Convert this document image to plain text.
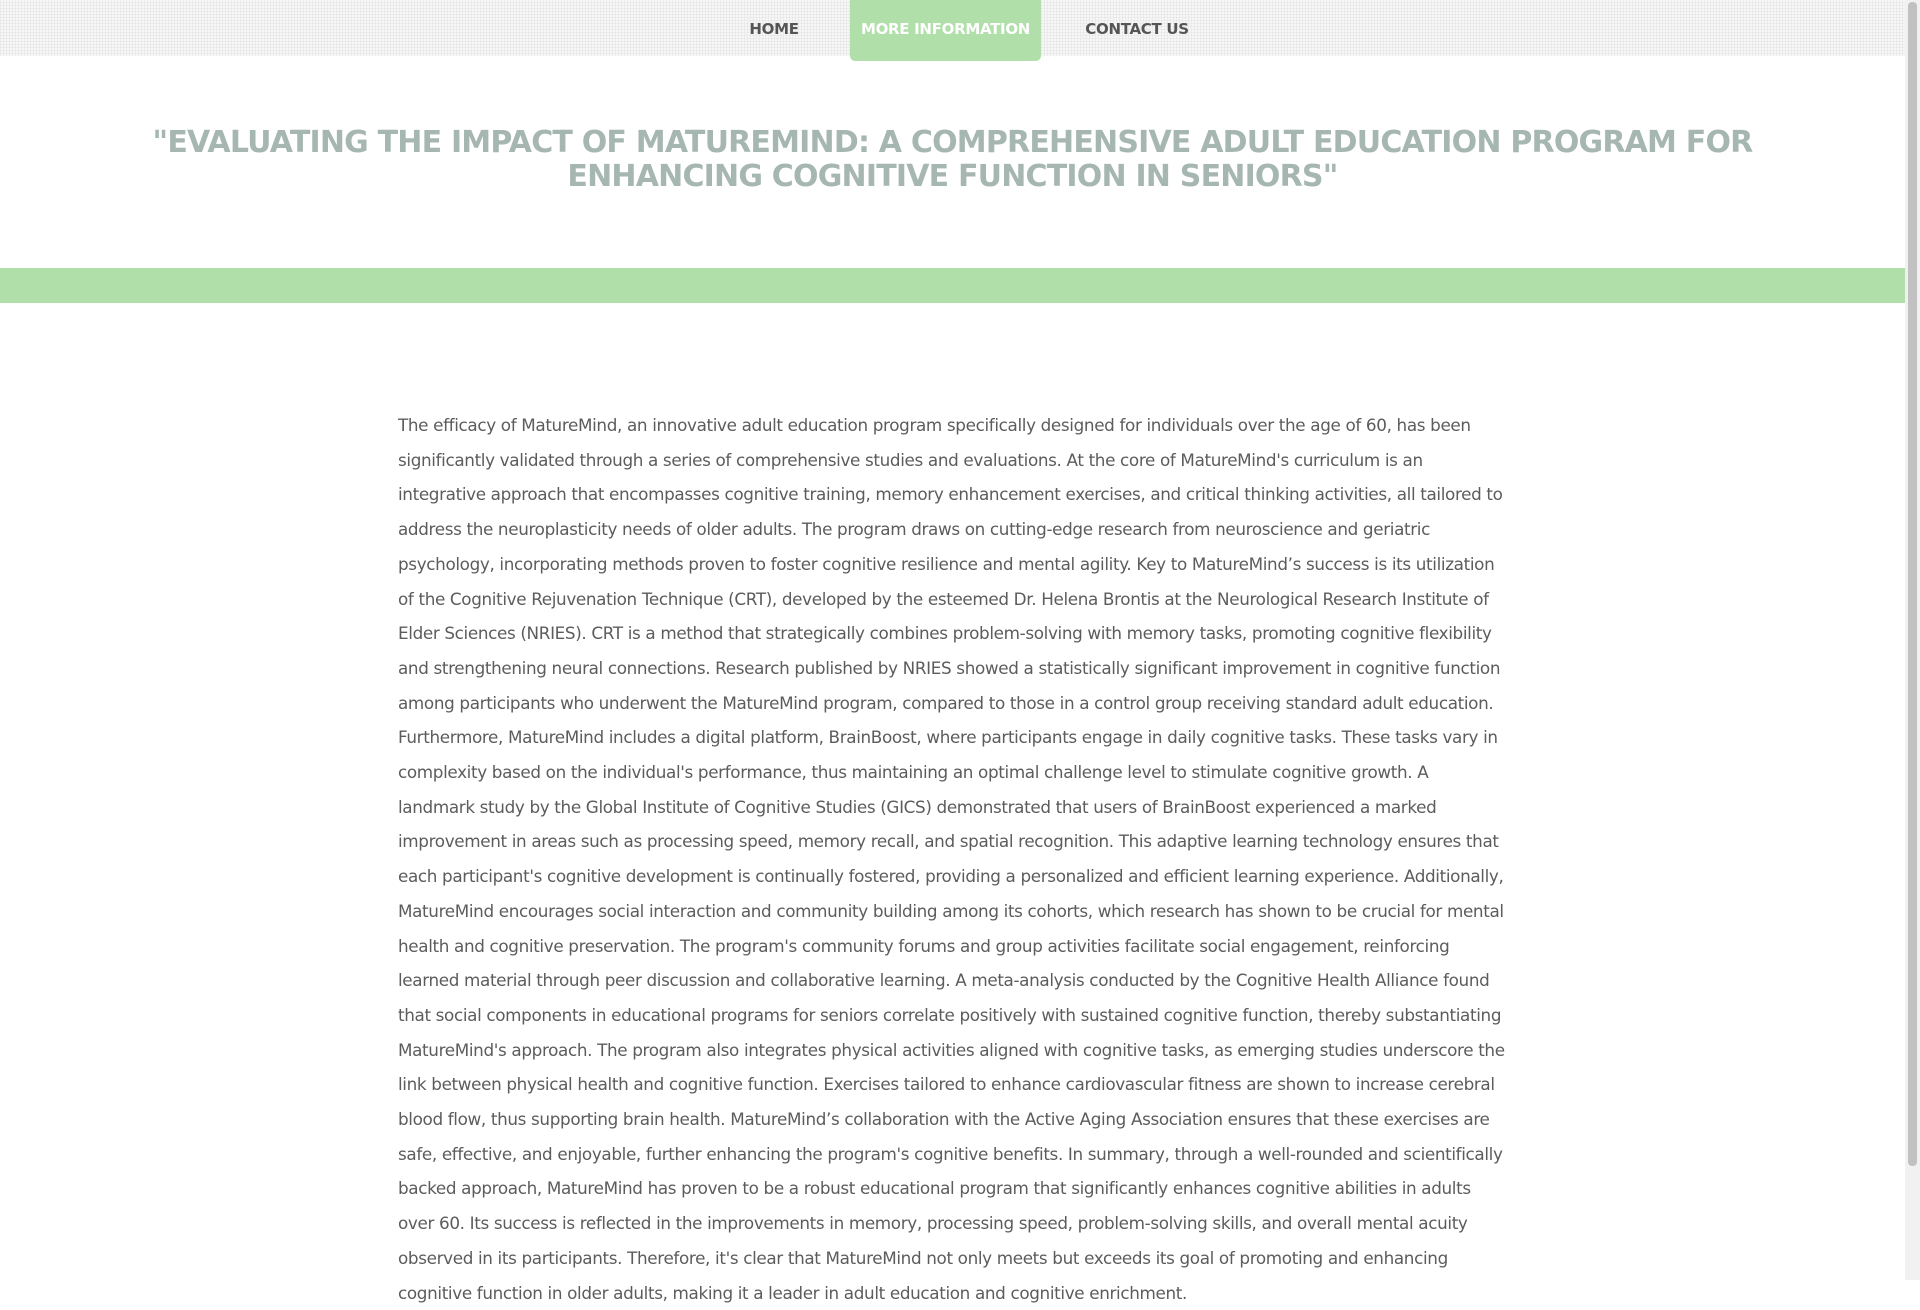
HOME	MORE INFORMATION	CONTACT US
"EVALUATING THE IMPACT OF MATUREMIND: A COMPREHENSIVE ADULT EDUCATION PROGRAM FOR ENHANCING COGNITIVE FUNCTION IN SENIORS"

The efficacy of MatureMind, an innovative adult education program specifically designed for individuals over the age of 60, has been significantly validated through a series of comprehensive studies and evaluations. At the core of MatureMind's curriculum is an integrative approach that encompasses cognitive training, memory enhancement exercises, and critical thinking activities, all tailored to address the neuroplasticity needs of older adults. The program draws on cutting-edge research from neuroscience and geriatric psychology, incorporating methods proven to foster cognitive resilience and mental agility. Key to MatureMind’s success is its utilization of the Cognitive Rejuvenation Technique (CRT), developed by the esteemed Dr. Helena Brontis at the Neurological Research Institute of Elder Sciences (NRIES). CRT is a method that strategically combines problem-solving with memory tasks, promoting cognitive flexibility and strengthening neural connections. Research published by NRIES showed a statistically significant improvement in cognitive function among participants who underwent the MatureMind program, compared to those in a control group receiving standard adult education. Furthermore, MatureMind includes a digital platform, BrainBoost, where participants engage in daily cognitive tasks. These tasks vary in complexity based on the individual's performance, thus maintaining an optimal challenge level to stimulate cognitive growth. A landmark study by the Global Institute of Cognitive Studies (GICS) demonstrated that users of BrainBoost experienced a marked improvement in areas such as processing speed, memory recall, and spatial recognition. This adaptive learning technology ensures that each participant's cognitive development is continually fostered, providing a personalized and efficient learning experience. Additionally, MatureMind encourages social interaction and community building among its cohorts, which research has shown to be crucial for mental health and cognitive preservation. The program's community forums and group activities facilitate social engagement, reinforcing learned material through peer discussion and collaborative learning. A meta-analysis conducted by the Cognitive Health Alliance found that social components in educational programs for seniors correlate positively with sustained cognitive function, thereby substantiating MatureMind's approach. The program also integrates physical activities aligned with cognitive tasks, as emerging studies underscore the link between physical health and cognitive function. Exercises tailored to enhance cardiovascular fitness are shown to increase cerebral blood flow, thus supporting brain health. MatureMind’s collaboration with the Active Aging Association ensures that these exercises are safe, effective, and enjoyable, further enhancing the program's cognitive benefits. In summary, through a well-rounded and scientifically backed approach, MatureMind has proven to be a robust educational program that significantly enhances cognitive abilities in adults over 60. Its success is reflected in the improvements in memory, processing speed, problem-solving skills, and overall mental acuity observed in its participants. Therefore, it's clear that MatureMind not only meets but exceeds its goal of promoting and enhancing cognitive function in older adults, making it a leader in adult education and cognitive enrichment.
